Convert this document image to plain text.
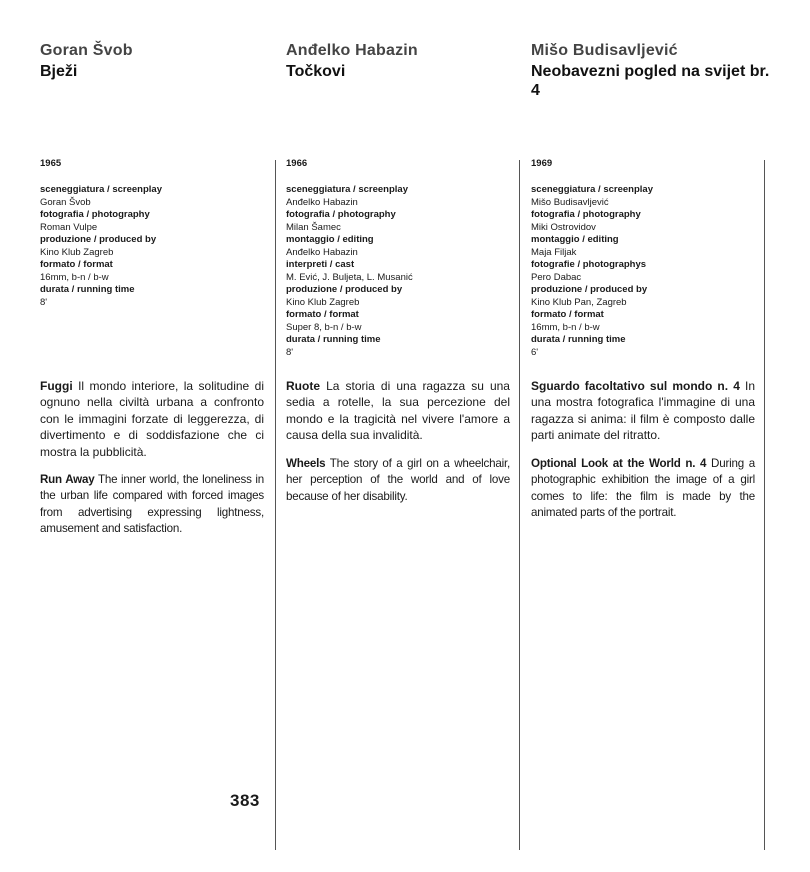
Goran Švob
Bježi
1965
sceneggiatura / screenplay
Goran Švob
fotografia / photography
Roman Vulpe
produzione / produced by
Kino Klub Zagreb
formato / format
16mm, b-n / b-w
durata / running time
8'

Fuggi Il mondo interiore, la solitudine di ognuno nella civiltà urbana a confronto con le immagini forzate di leggerezza, di divertimento e di soddisfazione che ci mostra la pubblicità.

Run Away The inner world, the loneliness in the urban life compared with forced images from advertising expressing lightness, amusement and satisfaction.

Anđelko Habazin
Točkovi
1966
sceneggiatura / screenplay
Anđelko Habazin
fotografia / photography
Milan Šamec
montaggio / editing
Anđelko Habazin
interpreti / cast
M. Ević, J. Buljeta, L. Musanić
produzione / produced by
Kino Klub Zagreb
formato / format
Super 8, b-n / b-w
durata / running time
8'

Ruote La storia di una ragazza su una sedia a rotelle, la sua percezione del mondo e la tragicità nel vivere l'amore a causa della sua invalidità.

Wheels The story of a girl on a wheelchair, her perception of the world and of love because of her disability.

Mišo Budisavljević
Neobavezni pogled na svijet br. 4
1969
sceneggiatura / screenplay
Mišo Budisavljević
fotografia / photography
Miki Ostrovidov
montaggio / editing
Maja Filjak
fotografie / photographys
Pero Dabac
produzione / produced by
Kino Klub Pan, Zagreb
formato / format
16mm, b-n / b-w
durata / running time
6'

Sguardo facoltativo sul mondo n. 4 In una mostra fotografica l'immagine di una ragazza si anima: il film è composto dalle parti animate del ritratto.

Optional Look at the World n. 4 During a photographic exhibition the image of a girl comes to life: the film is made by the animated parts of the portrait.

383
